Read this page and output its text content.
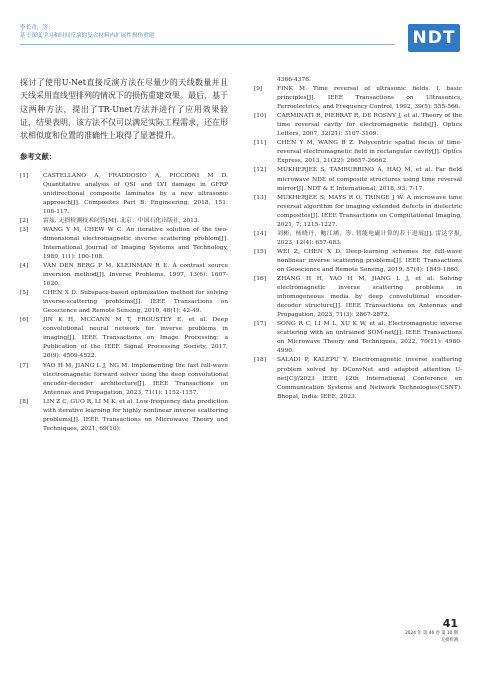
李长青，等：
基于深度学习和时间反演的复合材料内扩展性损伤重建	NDT

探讨了使用U-Net直接反演方法在尽量少的天线数量并且天线采用直线型排列的情况下的损伤重建效果。最后，基于这两种方法，提出了TR-Unet方法并进行了应用效果验证，结果表明，该方法不仅可以满足实际工程需求，还在形状相似度和位置的准确性上取得了显著提升。

参考文献：
[1] CASTELLANO A, FRADDOSIO A, PICCIONI M D. Quantitative analysis of QSI and LVI damage in GFRP unidirectional composite laminates by a new ultrasonic approach[J]. Composites Part B: Engineering, 2018, 151: 106-117.
[2] 雷兹. 无损检测技术问答[M]. 北京：中国石化出版社, 2013.
[3] WANG Y M, CHEW W C. An iterative solution of the two-dimensional electromagnetic inverse scattering problem[J]. International Journal of Imaging Systems and Technology, 1989, 1(1): 100-108.
[4] VAN DEN BERG P M, KLEINMAN R E. A contrast source inversion method[J]. Inverse Problems, 1997, 13(6): 1607-1620.
[5] CHEN X D. Subspace-based optimization method for solving inverse-scattering problems[J]. IEEE Transactions on Geoscience and Remote Sensing, 2010, 48(1): 42-49.
[6] JIN K H, MCCANN M T, FROUSTEY E, et al. Deep convolutional neural network for inverse problems in imaging[J]. IEEE Transactions on Image Processing: a Publication of the IEEE Signal Processing Society, 2017, 26(9): 4509-4522.
[7] YAO H M, JIANG L J, NG M. Implementing the fast full-wave electromagnetic forward solver using the deep convolutional encoder-decoder architecture[J]. IEEE Transactions on Antennas and Propagation, 2023, 71(1): 1152-1157.
[8] LIN Z C, GUO R, LI M K, et al. Low-frequency data prediction with iterative learning for highly nonlinear inverse scattering problems[J]. IEEE Transactions on Microwave Theory and Techniques, 2021, 69(10):
4366-4376.
[9] FINK M. Time reversal of ultrasonic fields. I. basic principles[J]. IEEE Transactions on Ultrasonics, Ferroelectrics, and Frequency Control, 1992, 39(5): 555-566.
[10] CARMINATI R, PIERRAT R, DE ROSNY J, et al. Theory of the time reversal cavity for electromagnetic fields[J]. Optics Letters, 2007, 32(21): 3107-3109.
[11] CHEN Y M, WANG B Z. Polycentric spatial focus of time-reversal electromagnetic field in rectangular cavity[J]. Optics Express, 2013, 21(22): 26657-26662.
[12] MUKHERJEE S, TAMBURRINO A, HAQ M, et al. Far field microwave NDE of composite structures using time reversal mirror[J]. NDT & E International, 2018, 93: 7-17.
[13] MUKHERJEE S, MAYS R O, TRINGE J W. A microwave time reversal algorithm for imaging extended defects in dielectric composites[J]. IEEE Transactions on Computational Imaging, 2021, 7: 1215-1227.
[14] 刘彬，杨晓丹，鲍江涵，等. 智能电磁计算的若干进展[J]. 雷达学报, 2023, 12(4): 657-683.
[15] WEI Z, CHEN X D. Deep-learning schemes for full-wave nonlinear inverse scattering problems[J]. IEEE Transactions on Geoscience and Remote Sensing, 2019, 57(4): 1849-1860.
[16] ZHANG H H, YAO H M, JIANG L J, et al. Solving electromagnetic inverse scattering problems in inhomogeneous media by deep convolutional encoder-decoder structure[J]. IEEE Transactions on Antennas and Propagation, 2023, 71(3): 2867-2872.
[17] SONG R C, LI M L, XU K W, et al. Electromagnetic inverse scattering with an untrained SOM-net[J]. IEEE Transactions on Microwave Theory and Techniques, 2022, 70(11): 4980-4990.
[18] SALADI P, KALEPU Y. Electromagnetic inverse scattering problem solved by DConvNet and adapted attention U-net[C]//2023 IEEE 12th International Conference on Communication Systems and Network Technologies(CSNT). Bhopal, India: IEEE, 2023.
41
2024 年 第 46 卷 第 10 期
无损检测
